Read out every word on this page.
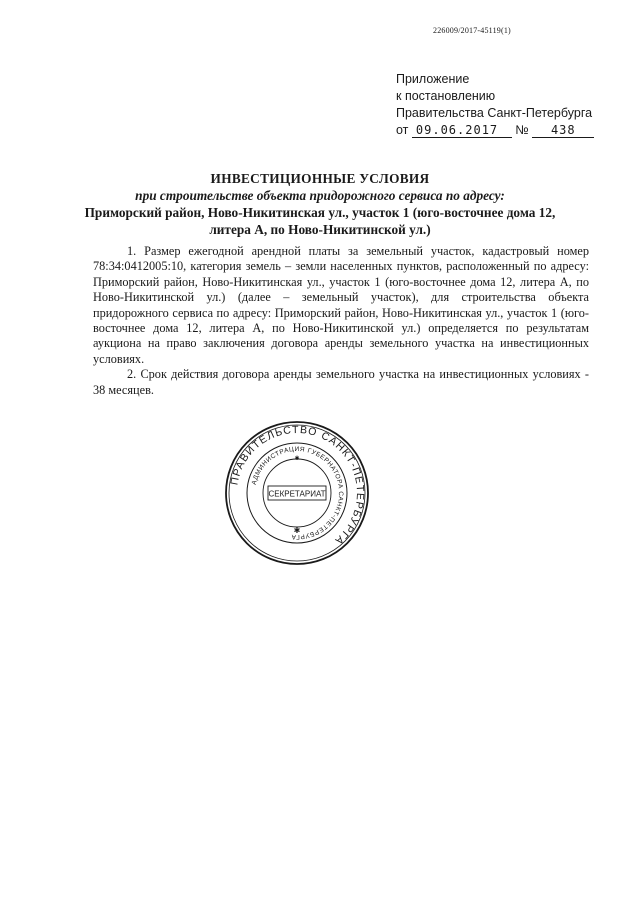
226009/2017-45119(1)
Приложение
к постановлению
Правительства Санкт-Петербурга
от 09.06.2017 № 438
ИНВЕСТИЦИОННЫЕ УСЛОВИЯ
при строительстве объекта придорожного сервиса по адресу:
Приморский район, Ново-Никитинская ул., участок 1 (юго-восточнее дома 12,
литера А, по Ново-Никитинской ул.)

1. Размер ежегодной арендной платы за земельный участок, кадастровый номер 78:34:0412005:10, категория земель – земли населенных пунктов, расположенный по адресу: Приморский район, Ново-Никитинская ул., участок 1 (юго-восточнее дома 12, литера А, по Ново-Никитинской ул.) (далее – земельный участок), для строительства объекта придорожного сервиса по адресу: Приморский район, Ново-Никитинская ул., участок 1 (юго-восточнее дома 12, литера А, по Ново-Никитинской ул.) определяется по результатам аукциона на право заключения договора аренды земельного участка на инвестиционных условиях.

2. Срок действия договора аренды земельного участка на инвестиционных условиях - 38 месяцев.

ПРАВИТЕЛЬСТВО САНКТ-ПЕТЕРБУРГА
АДМИНИСТРАЦИЯ ГУБЕРНАТОРА САНКТ-ПЕТЕРБУРГА
СЕКРЕТАРИАТ
✱
✱
